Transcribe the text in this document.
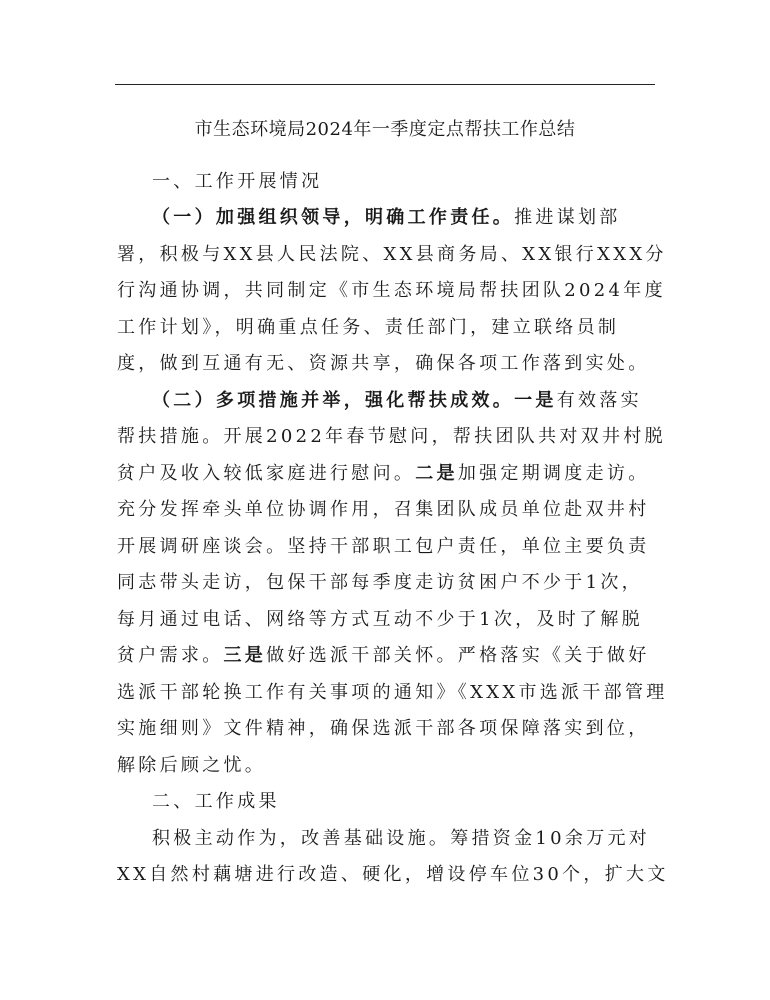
市生态环境局2024年一季度定点帮扶工作总结
一、工作开展情况
（一）加强组织领导，明确工作责任。推进谋划部
署，积极与XX县人民法院、XX县商务局、XX银行XXX分
行沟通协调，共同制定《市生态环境局帮扶团队2024年度
工作计划》，明确重点任务、责任部门，建立联络员制
度，做到互通有无、资源共享，确保各项工作落到实处。
（二）多项措施并举，强化帮扶成效。一是有效落实
帮扶措施。开展2022年春节慰问，帮扶团队共对双井村脱
贫户及收入较低家庭进行慰问。二是加强定期调度走访。
充分发挥牵头单位协调作用，召集团队成员单位赴双井村
开展调研座谈会。坚持干部职工包户责任，单位主要负责
同志带头走访，包保干部每季度走访贫困户不少于1次，
每月通过电话、网络等方式互动不少于1次，及时了解脱
贫户需求。三是做好选派干部关怀。严格落实《关于做好
选派干部轮换工作有关事项的通知》《XXX市选派干部管理
实施细则》文件精神，确保选派干部各项保障落实到位，
解除后顾之忧。
二、工作成果
积极主动作为，改善基础设施。筹措资金10余万元对
XX自然村藕塘进行改造、硬化，增设停车位30个，扩大文
